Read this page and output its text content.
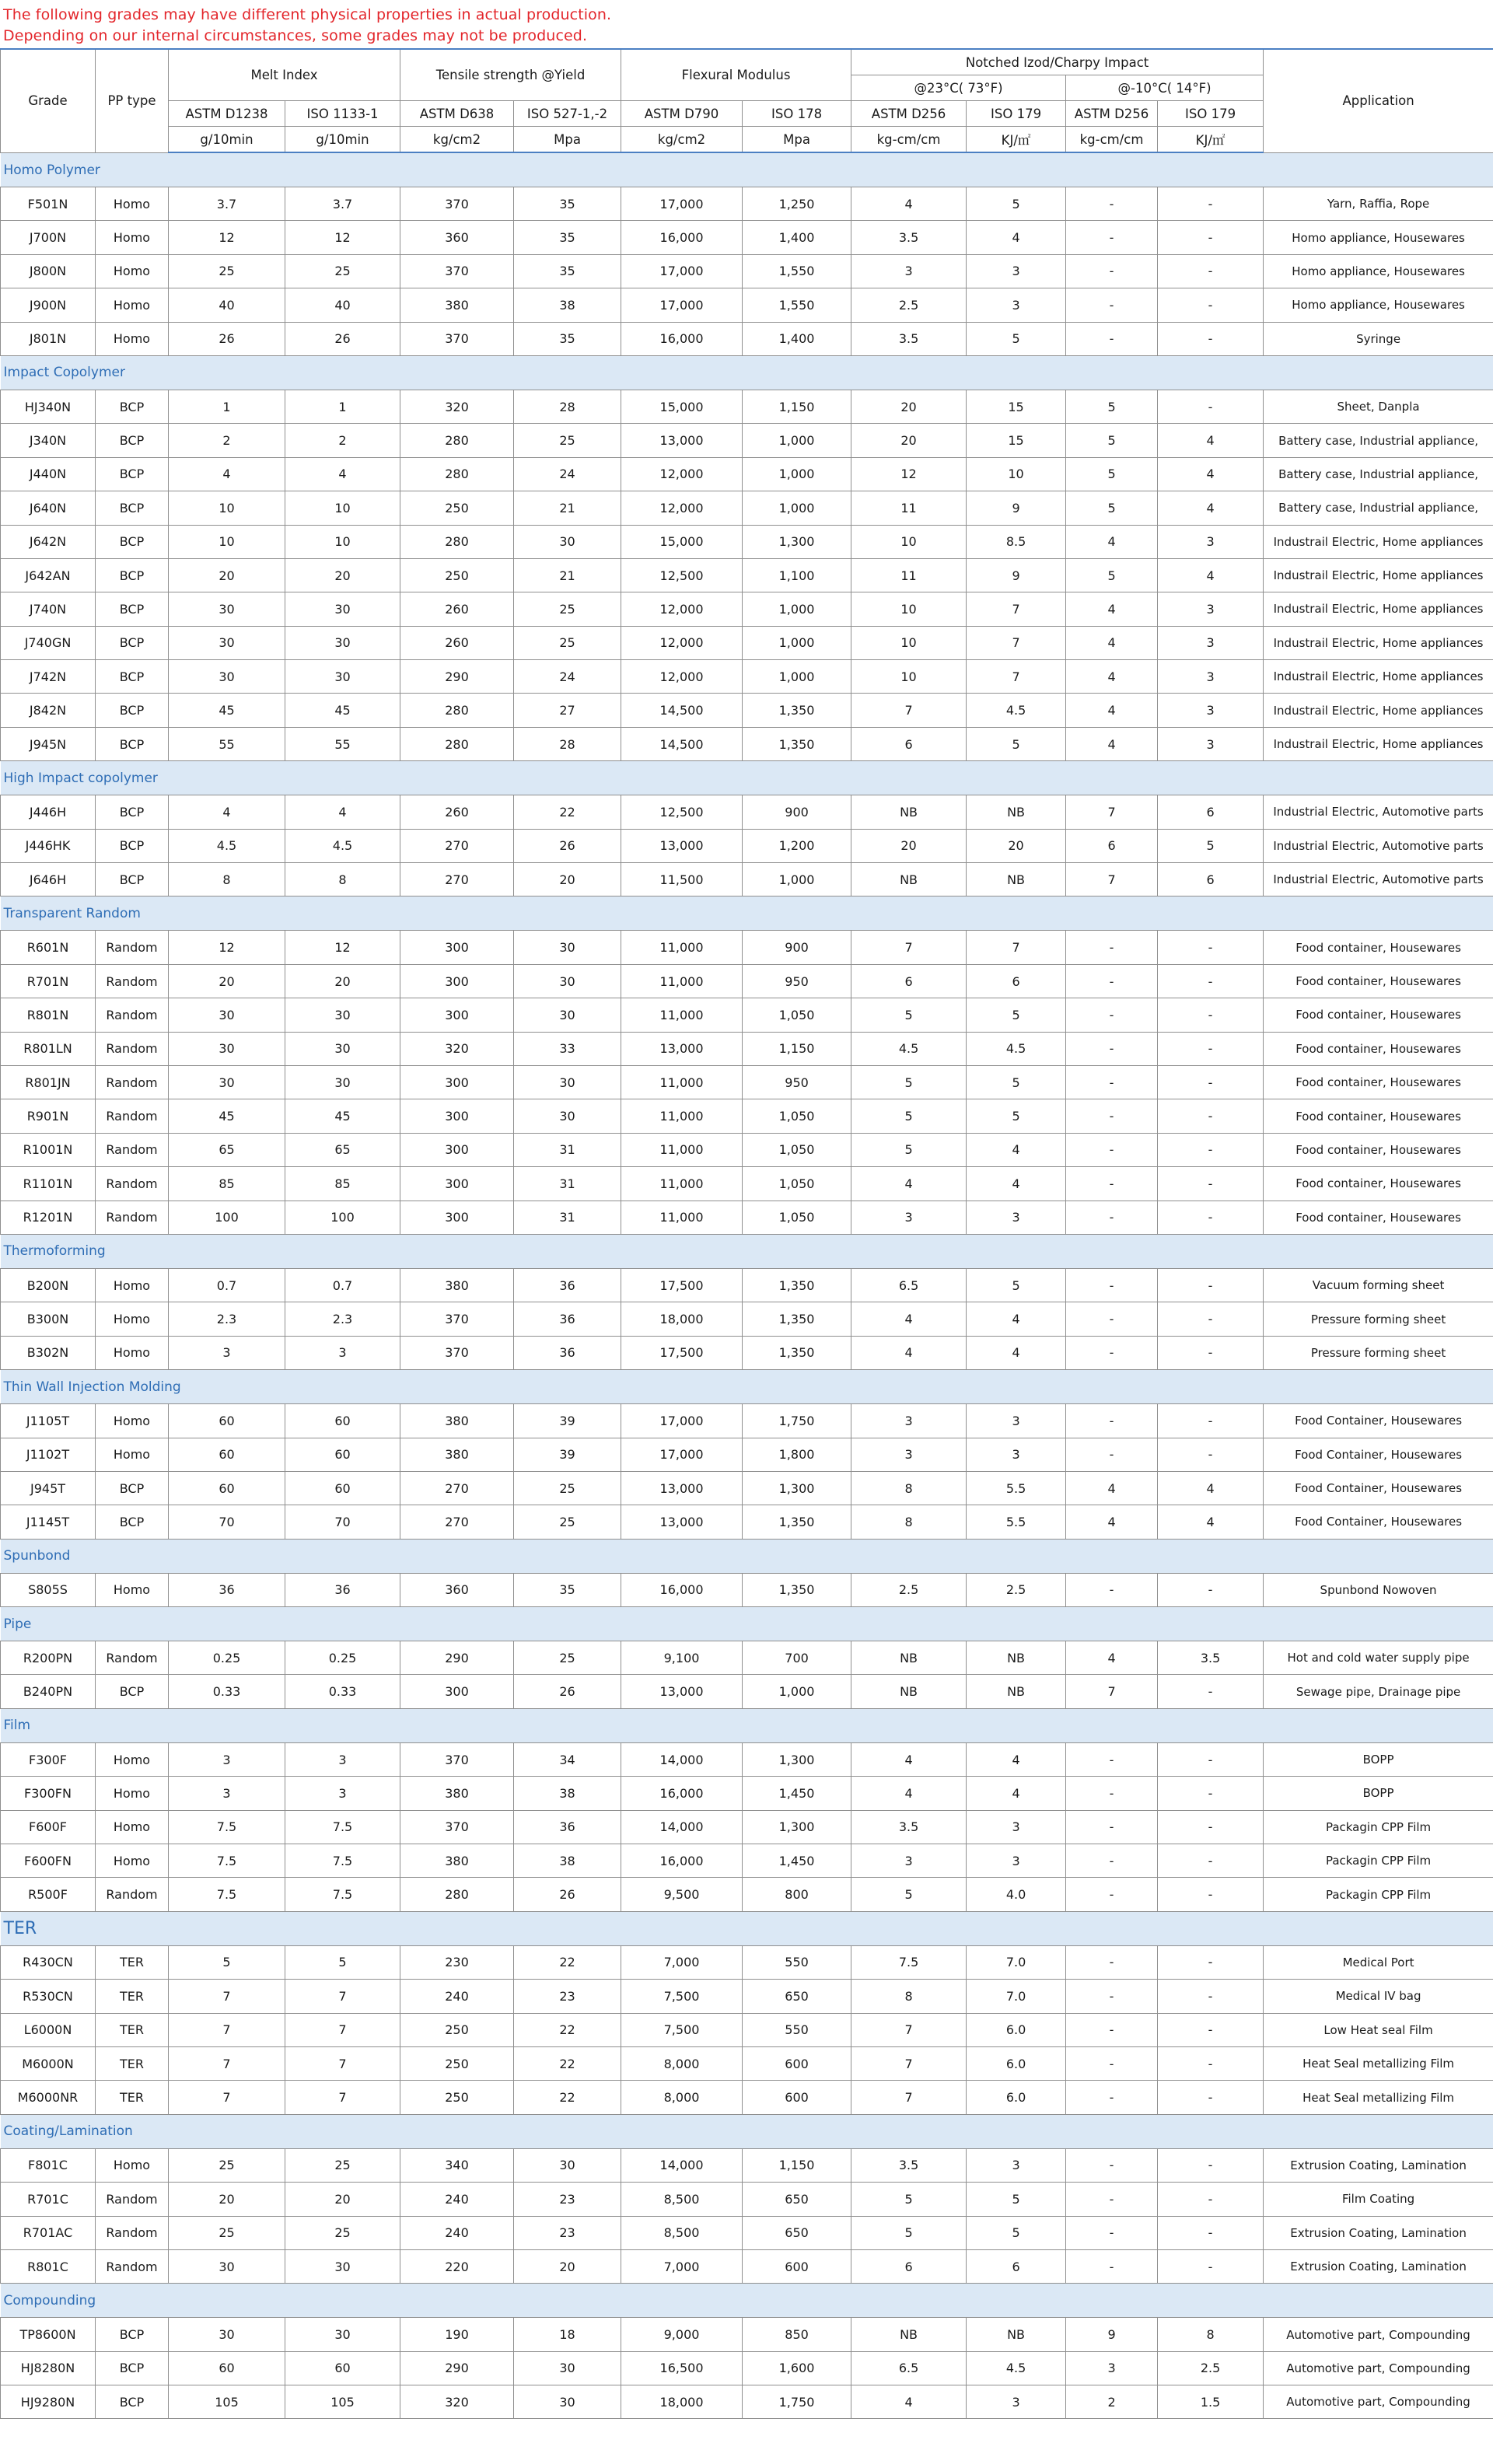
The following grades may have different physical properties in actual production.
Depending on our internal circumstances, some grades may not be produced.
Grade	PP type	Melt Index		Tensile strength @Yield		Flexural Modulus		Notched Izod/Charpy Impact				Application
								@23°C( 73°F)		@-10°C( 14°F)		
		ASTM D1238	ISO 1133-1	ASTM D638	ISO 527-1,-2	ASTM D790	ISO 178	ASTM D256	ISO 179	ASTM D256	ISO 179	
		g/10min	g/10min	kg/cm2	Mpa	kg/cm2	Mpa	kg-cm/cm	KJ/㎡	kg-cm/cm	KJ/㎡	
Homo Polymer												
F501N	Homo	3.7	3.7	370	35	17,000	1,250	4	5	-	-	Yarn, Raffia, Rope
J700N	Homo	12	12	360	35	16,000	1,400	3.5	4	-	-	Homo appliance, Housewares
J800N	Homo	25	25	370	35	17,000	1,550	3	3	-	-	Homo appliance, Housewares
J900N	Homo	40	40	380	38	17,000	1,550	2.5	3	-	-	Homo appliance, Housewares
J801N	Homo	26	26	370	35	16,000	1,400	3.5	5	-	-	Syringe
Impact Copolymer												
HJ340N	BCP	1	1	320	28	15,000	1,150	20	15	5	-	Sheet, Danpla
J340N	BCP	2	2	280	25	13,000	1,000	20	15	5	4	Battery case, Industrial appliance,
J440N	BCP	4	4	280	24	12,000	1,000	12	10	5	4	Battery case, Industrial appliance,
J640N	BCP	10	10	250	21	12,000	1,000	11	9	5	4	Battery case, Industrial appliance,
J642N	BCP	10	10	280	30	15,000	1,300	10	8.5	4	3	Industrail Electric, Home appliances
J642AN	BCP	20	20	250	21	12,500	1,100	11	9	5	4	Industrail Electric, Home appliances
J740N	BCP	30	30	260	25	12,000	1,000	10	7	4	3	Industrail Electric, Home appliances
J740GN	BCP	30	30	260	25	12,000	1,000	10	7	4	3	Industrail Electric, Home appliances
J742N	BCP	30	30	290	24	12,000	1,000	10	7	4	3	Industrail Electric, Home appliances
J842N	BCP	45	45	280	27	14,500	1,350	7	4.5	4	3	Industrail Electric, Home appliances
J945N	BCP	55	55	280	28	14,500	1,350	6	5	4	3	Industrail Electric, Home appliances
High Impact copolymer												
J446H	BCP	4	4	260	22	12,500	900	NB	NB	7	6	Industrial Electric, Automotive parts
J446HK	BCP	4.5	4.5	270	26	13,000	1,200	20	20	6	5	Industrial Electric, Automotive parts
J646H	BCP	8	8	270	20	11,500	1,000	NB	NB	7	6	Industrial Electric, Automotive parts
Transparent Random												
R601N	Random	12	12	300	30	11,000	900	7	7	-	-	Food container, Housewares
R701N	Random	20	20	300	30	11,000	950	6	6	-	-	Food container, Housewares
R801N	Random	30	30	300	30	11,000	1,050	5	5	-	-	Food container, Housewares
R801LN	Random	30	30	320	33	13,000	1,150	4.5	4.5	-	-	Food container, Housewares
R801JN	Random	30	30	300	30	11,000	950	5	5	-	-	Food container, Housewares
R901N	Random	45	45	300	30	11,000	1,050	5	5	-	-	Food container, Housewares
R1001N	Random	65	65	300	31	11,000	1,050	5	4	-	-	Food container, Housewares
R1101N	Random	85	85	300	31	11,000	1,050	4	4	-	-	Food container, Housewares
R1201N	Random	100	100	300	31	11,000	1,050	3	3	-	-	Food container, Housewares
Thermoforming												
B200N	Homo	0.7	0.7	380	36	17,500	1,350	6.5	5	-	-	Vacuum forming sheet
B300N	Homo	2.3	2.3	370	36	18,000	1,350	4	4	-	-	Pressure forming sheet
B302N	Homo	3	3	370	36	17,500	1,350	4	4	-	-	Pressure forming sheet
Thin Wall Injection Molding												
J1105T	Homo	60	60	380	39	17,000	1,750	3	3	-	-	Food Container, Housewares
J1102T	Homo	60	60	380	39	17,000	1,800	3	3	-	-	Food Container, Housewares
J945T	BCP	60	60	270	25	13,000	1,300	8	5.5	4	4	Food Container, Housewares
J1145T	BCP	70	70	270	25	13,000	1,350	8	5.5	4	4	Food Container, Housewares
Spunbond												
S805S	Homo	36	36	360	35	16,000	1,350	2.5	2.5	-	-	Spunbond Nowoven
Pipe												
R200PN	Random	0.25	0.25	290	25	9,100	700	NB	NB	4	3.5	Hot and cold water supply pipe
B240PN	BCP	0.33	0.33	300	26	13,000	1,000	NB	NB	7	-	Sewage pipe, Drainage pipe
Film												
F300F	Homo	3	3	370	34	14,000	1,300	4	4	-	-	BOPP
F300FN	Homo	3	3	380	38	16,000	1,450	4	4	-	-	BOPP
F600F	Homo	7.5	7.5	370	36	14,000	1,300	3.5	3	-	-	Packagin CPP Film
F600FN	Homo	7.5	7.5	380	38	16,000	1,450	3	3	-	-	Packagin CPP Film
R500F	Random	7.5	7.5	280	26	9,500	800	5	4.0	-	-	Packagin CPP Film
TER												
R430CN	TER	5	5	230	22	7,000	550	7.5	7.0	-	-	Medical Port
R530CN	TER	7	7	240	23	7,500	650	8	7.0	-	-	Medical IV bag
L6000N	TER	7	7	250	22	7,500	550	7	6.0	-	-	Low Heat seal Film
M6000N	TER	7	7	250	22	8,000	600	7	6.0	-	-	Heat Seal metallizing Film
M6000NR	TER	7	7	250	22	8,000	600	7	6.0	-	-	Heat Seal metallizing Film
Coating/Lamination												
F801C	Homo	25	25	340	30	14,000	1,150	3.5	3	-	-	Extrusion Coating, Lamination
R701C	Random	20	20	240	23	8,500	650	5	5	-	-	Film Coating
R701AC	Random	25	25	240	23	8,500	650	5	5	-	-	Extrusion Coating, Lamination
R801C	Random	30	30	220	20	7,000	600	6	6	-	-	Extrusion Coating, Lamination
Compounding												
TP8600N	BCP	30	30	190	18	9,000	850	NB	NB	9	8	Automotive part, Compounding
HJ8280N	BCP	60	60	290	30	16,500	1,600	6.5	4.5	3	2.5	Automotive part, Compounding
HJ9280N	BCP	105	105	320	30	18,000	1,750	4	3	2	1.5	Automotive part, Compounding
